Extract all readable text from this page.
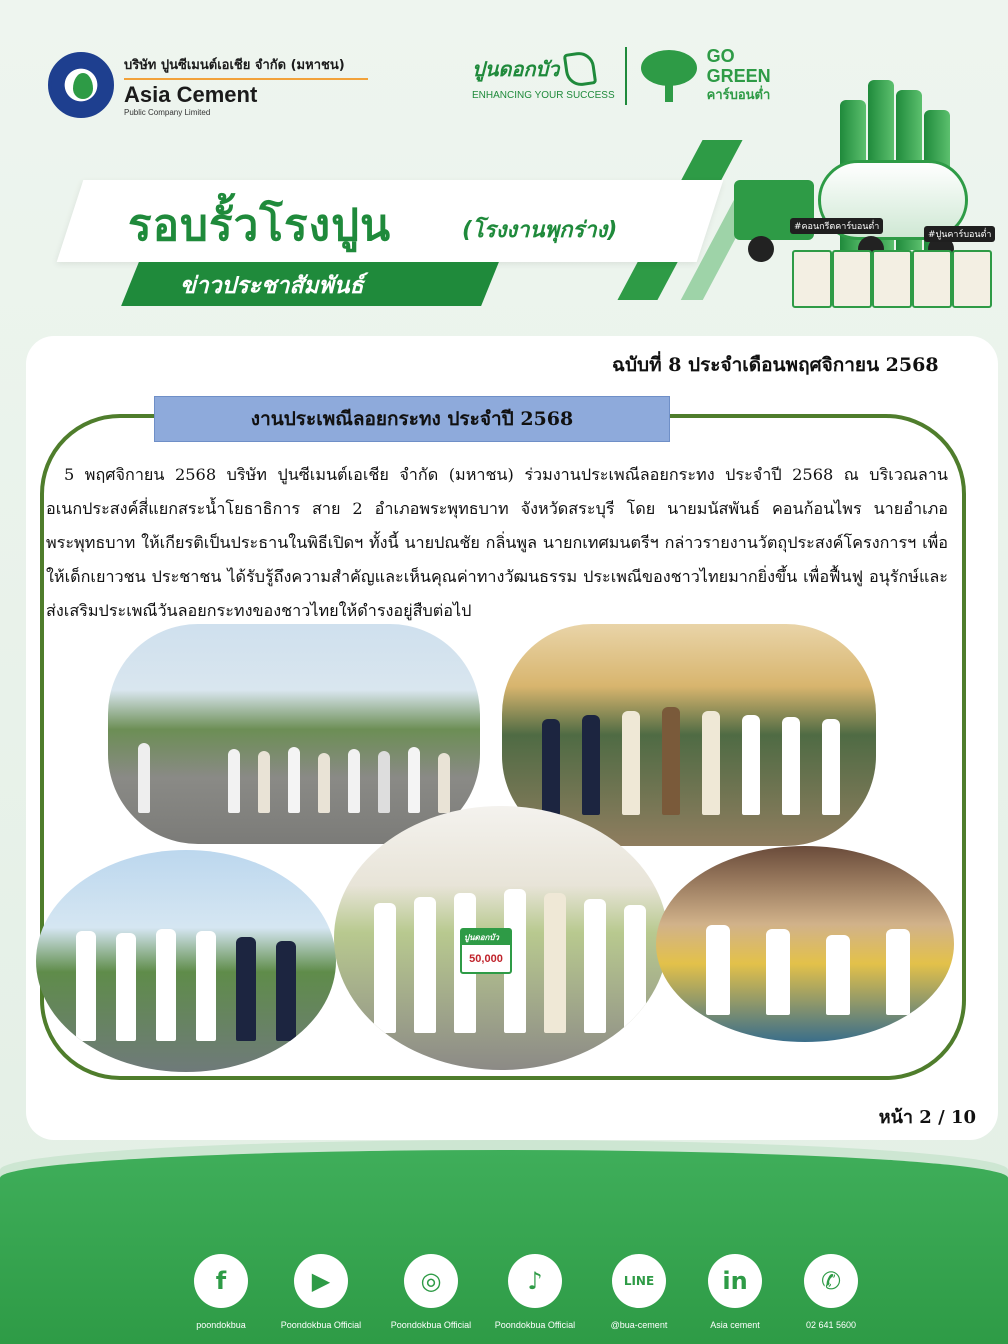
บริษัท ปูนซีเมนต์เอเชีย จำกัด (มหาชน)
Asia Cement
Public Company Limited
ปูนดอกบัว
ENHANCING YOUR SUCCESS
GO
GREEN
คาร์บอนต่ำ
รอบรั้วโรงปูน	(โรงงานพุกร่าง)
ข่าวประชาสัมพันธ์
#คอนกรีตคาร์บอนต่ำ
#ปูนคาร์บอนต่ำ
ฉบับที่ 8 ประจำเดือนพฤศจิกายน 2568
งานประเพณีลอยกระทง ประจำปี 2568
5 พฤศจิกายน 2568 บริษัท ปูนซีเมนต์เอเชีย จำกัด (มหาชน) ร่วมงานประเพณีลอยกระทง ประจำปี 2568 ณ บริเวณลานอเนกประสงค์สี่แยกสระน้ำโยธาธิการ สาย 2 อำเภอพระพุทธบาท จังหวัดสระบุรี โดย นายมนัสพันธ์ คอนก้อนไพร นายอำเภอพระพุทธบาท ให้เกียรติเป็นประธานในพิธีเปิดฯ ทั้งนี้ นายปณชัย กลิ่นพูล นายกเทศมนตรีฯ กล่าวรายงานวัตถุประสงค์โครงการฯ เพื่อให้เด็กเยาวชน ประชาชน ได้รับรู้ถึงความสำคัญและเห็นคุณค่าทางวัฒนธรรม ประเพณีของชาวไทยมากยิ่งขึ้น เพื่อฟื้นฟู อนุรักษ์และส่งเสริมประเพณีวันลอยกระทงของชาวไทยให้ดำรงอยู่สืบต่อไป
ปูนดอกบัว
50,000
หน้า 2 / 10
f
poondokbua
▶
Poondokbua Official
◎
Poondokbua Official
♪
Poondokbua Official
LINE
@bua-cement
in
Asia cement
✆
02 641 5600
